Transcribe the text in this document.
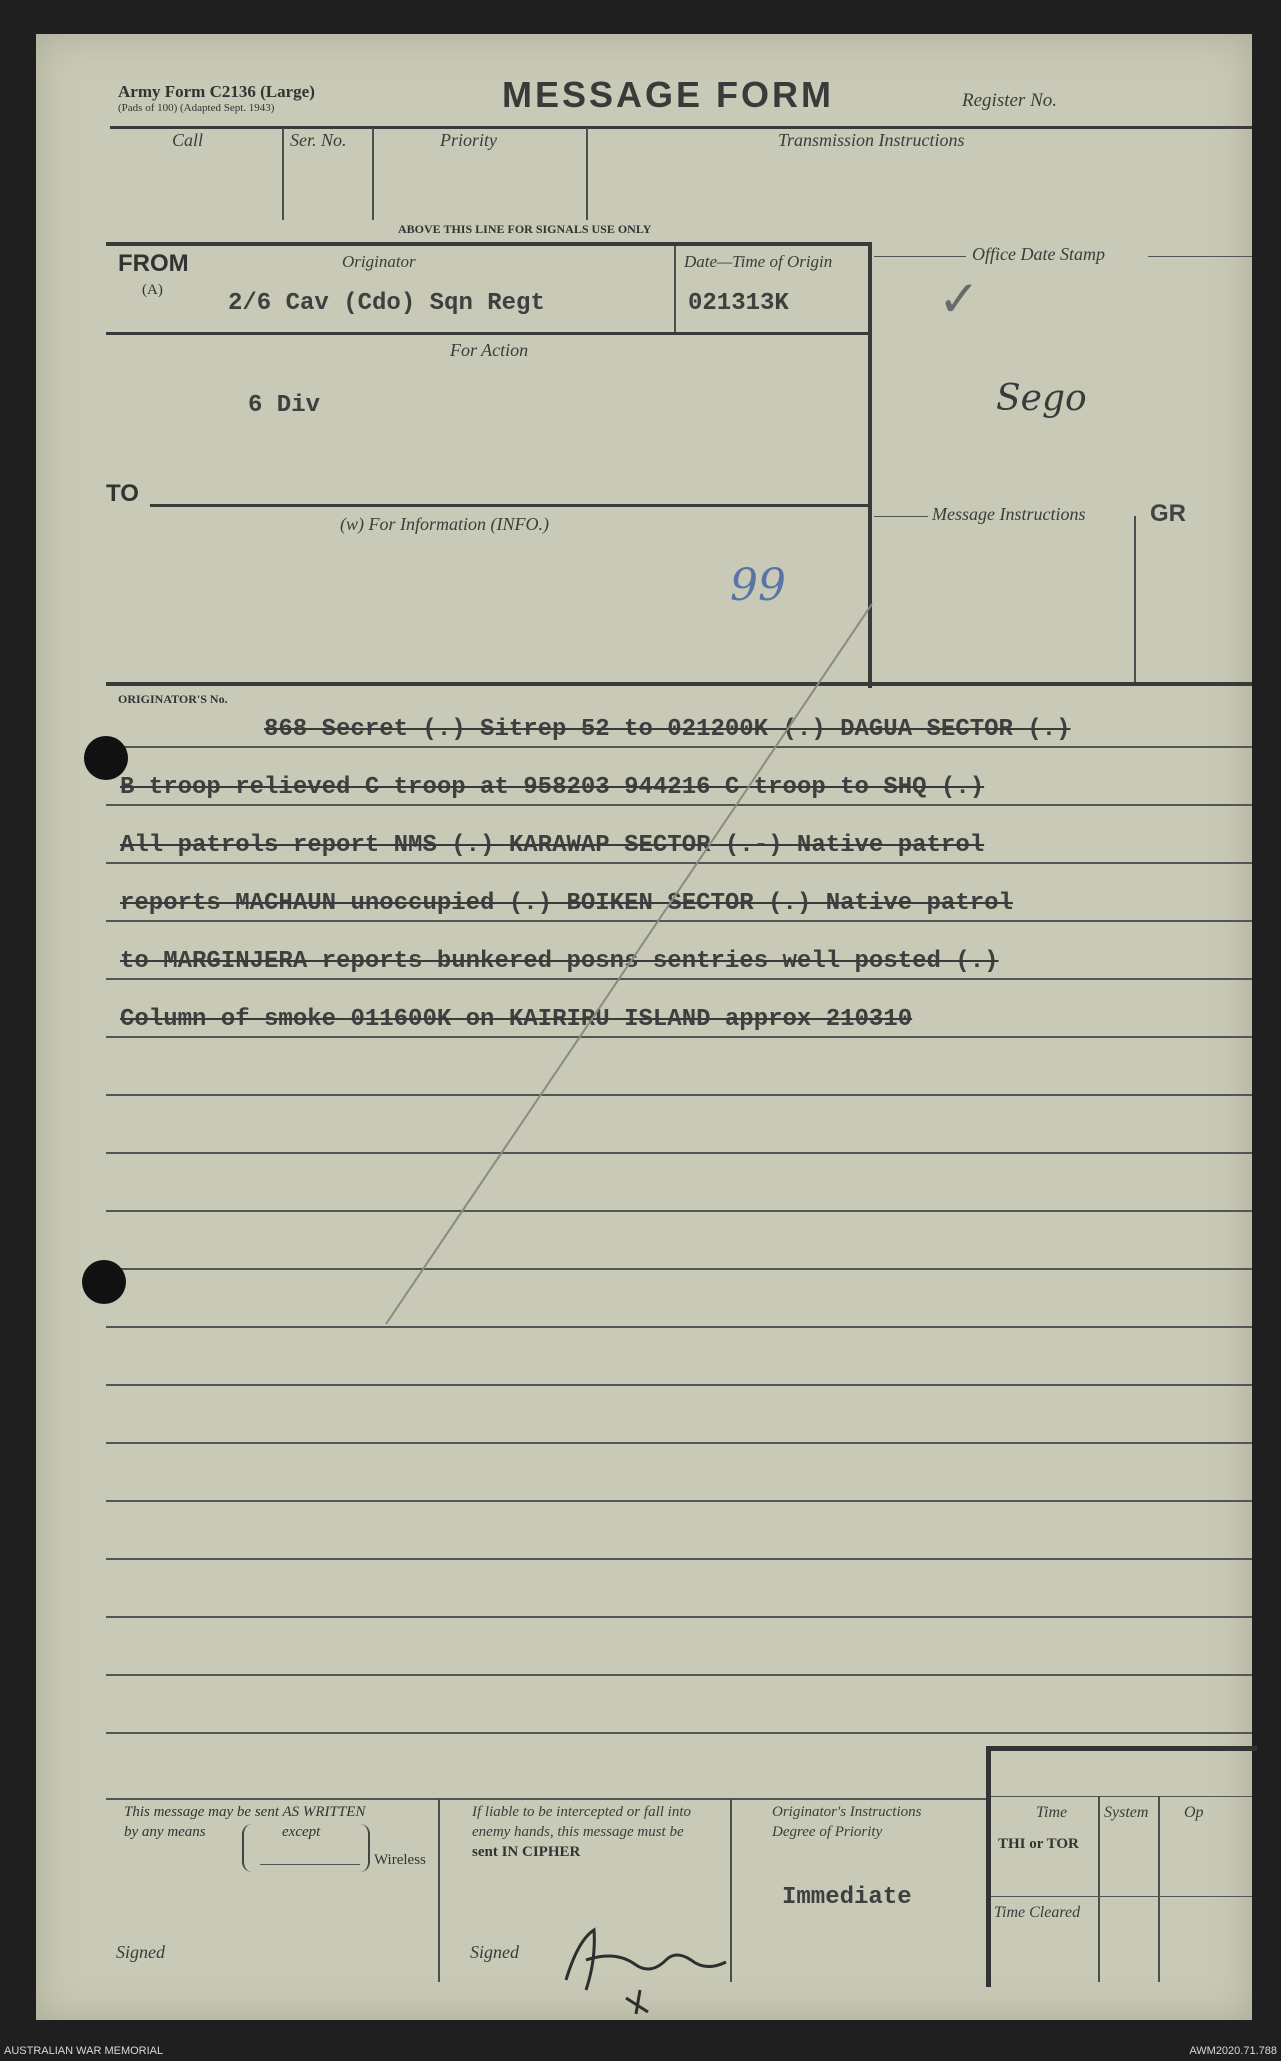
Army Form C2136 (Large)
(Pads of 100) (Adapted Sept. 1943)	MESSAGE FORM	Register No.
Call	Ser. No.	Priority	Transmission Instructions
ABOVE THIS LINE FOR SIGNALS USE ONLY
FROM
(A)
Originator
2/6 Cav (Cdo) Sqn Regt
Date—Time of Origin
021313K
For Action
6 Div
TO
(w) For Information (INFO.)
99
Office Date Stamp
✓
Sego
Message Instructions	GR
ORIGINATOR'S No.
868 Secret (.) Sitrep 52 to 021200K (.) DAGUA SECTOR (.)
B troop relieved C troop at 958203 944216 C troop to SHQ (.)
All patrols report NMS (.) KARAWAP SECTOR (.-) Native patrol
reports MACHAUN unoccupied (.) BOIKEN SECTOR (.) Native patrol
to MARGINJERA reports bunkered posns sentries well posted (.)
Column of smoke 011600K on KAIRIRU ISLAND approx 210310
This message may be sent AS WRITTEN
by any means	except
Wireless
Signed
If liable to be intercepted or fall into
enemy hands, this message must be
sent IN CIPHER
Signed
Originator's Instructions
Degree of Priority
Immediate
Time System Op
THI or TOR
Time Cleared
AUSTRALIAN WAR MEMORIAL	AWM2020.71.788
